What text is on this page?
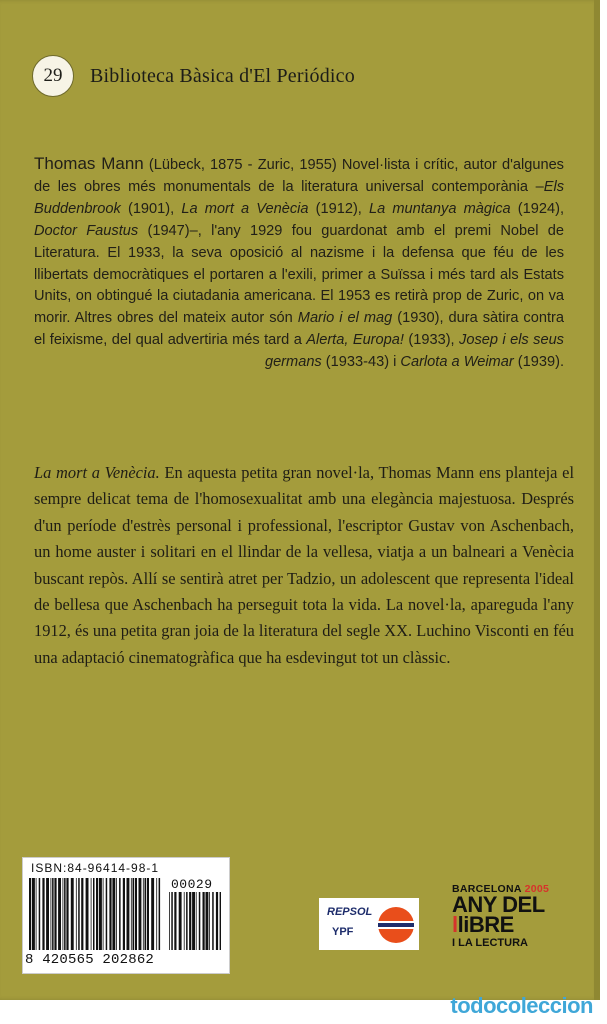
29	Biblioteca Bàsica d'El Periódico
Thomas Mann (Lübeck, 1875 - Zuric, 1955) Novel·lista i crític, autor d'algunes de les obres més monumentals de la literatura universal contemporània –Els Buddenbrook (1901), La mort a Venècia (1912), La muntanya màgica (1924), Doctor Faustus (1947)–, l'any 1929 fou guardonat amb el premi Nobel de Literatura. El 1933, la seva oposició al nazisme i la defensa que féu de les llibertats democràtiques el portaren a l'exili, primer a Suïssa i més tard als Estats Units, on obtingué la ciutadania americana. El 1953 es retirà prop de Zuric, on va morir. Altres obres del mateix autor són Mario i el mag (1930), dura sàtira contra el feixisme, del qual advertiria més tard a Alerta, Europa! (1933), Josep i els seus germans (1933-43) i Carlota a Weimar (1939).
La mort a Venècia. En aquesta petita gran novel·la, Thomas Mann ens planteja el sempre delicat tema de l'homosexualitat amb una elegància majestuosa. Després d'un període d'estrès personal i professional, l'escriptor Gustav von Aschenbach, un home auster i solitari en el llindar de la vellesa, viatja a un balneari a Venècia buscant repòs. Allí se sentirà atret per Tadzio, un adolescent que representa l'ideal de bellesa que Aschenbach ha perseguit tota la vida. La novel·la, apareguda l'any 1912, és una petita gran joia de la literatura del segle XX. Luchino Visconti en féu una adaptació cinematogràfica que ha esdevingut tot un clàssic.
ISBN:84-96414-98-1
00029
8 420565 202862
REPSOL
YPF
BARCELONA 2005
ANY DEL
lliBRE
I LA LECTURA
todocoleccion
